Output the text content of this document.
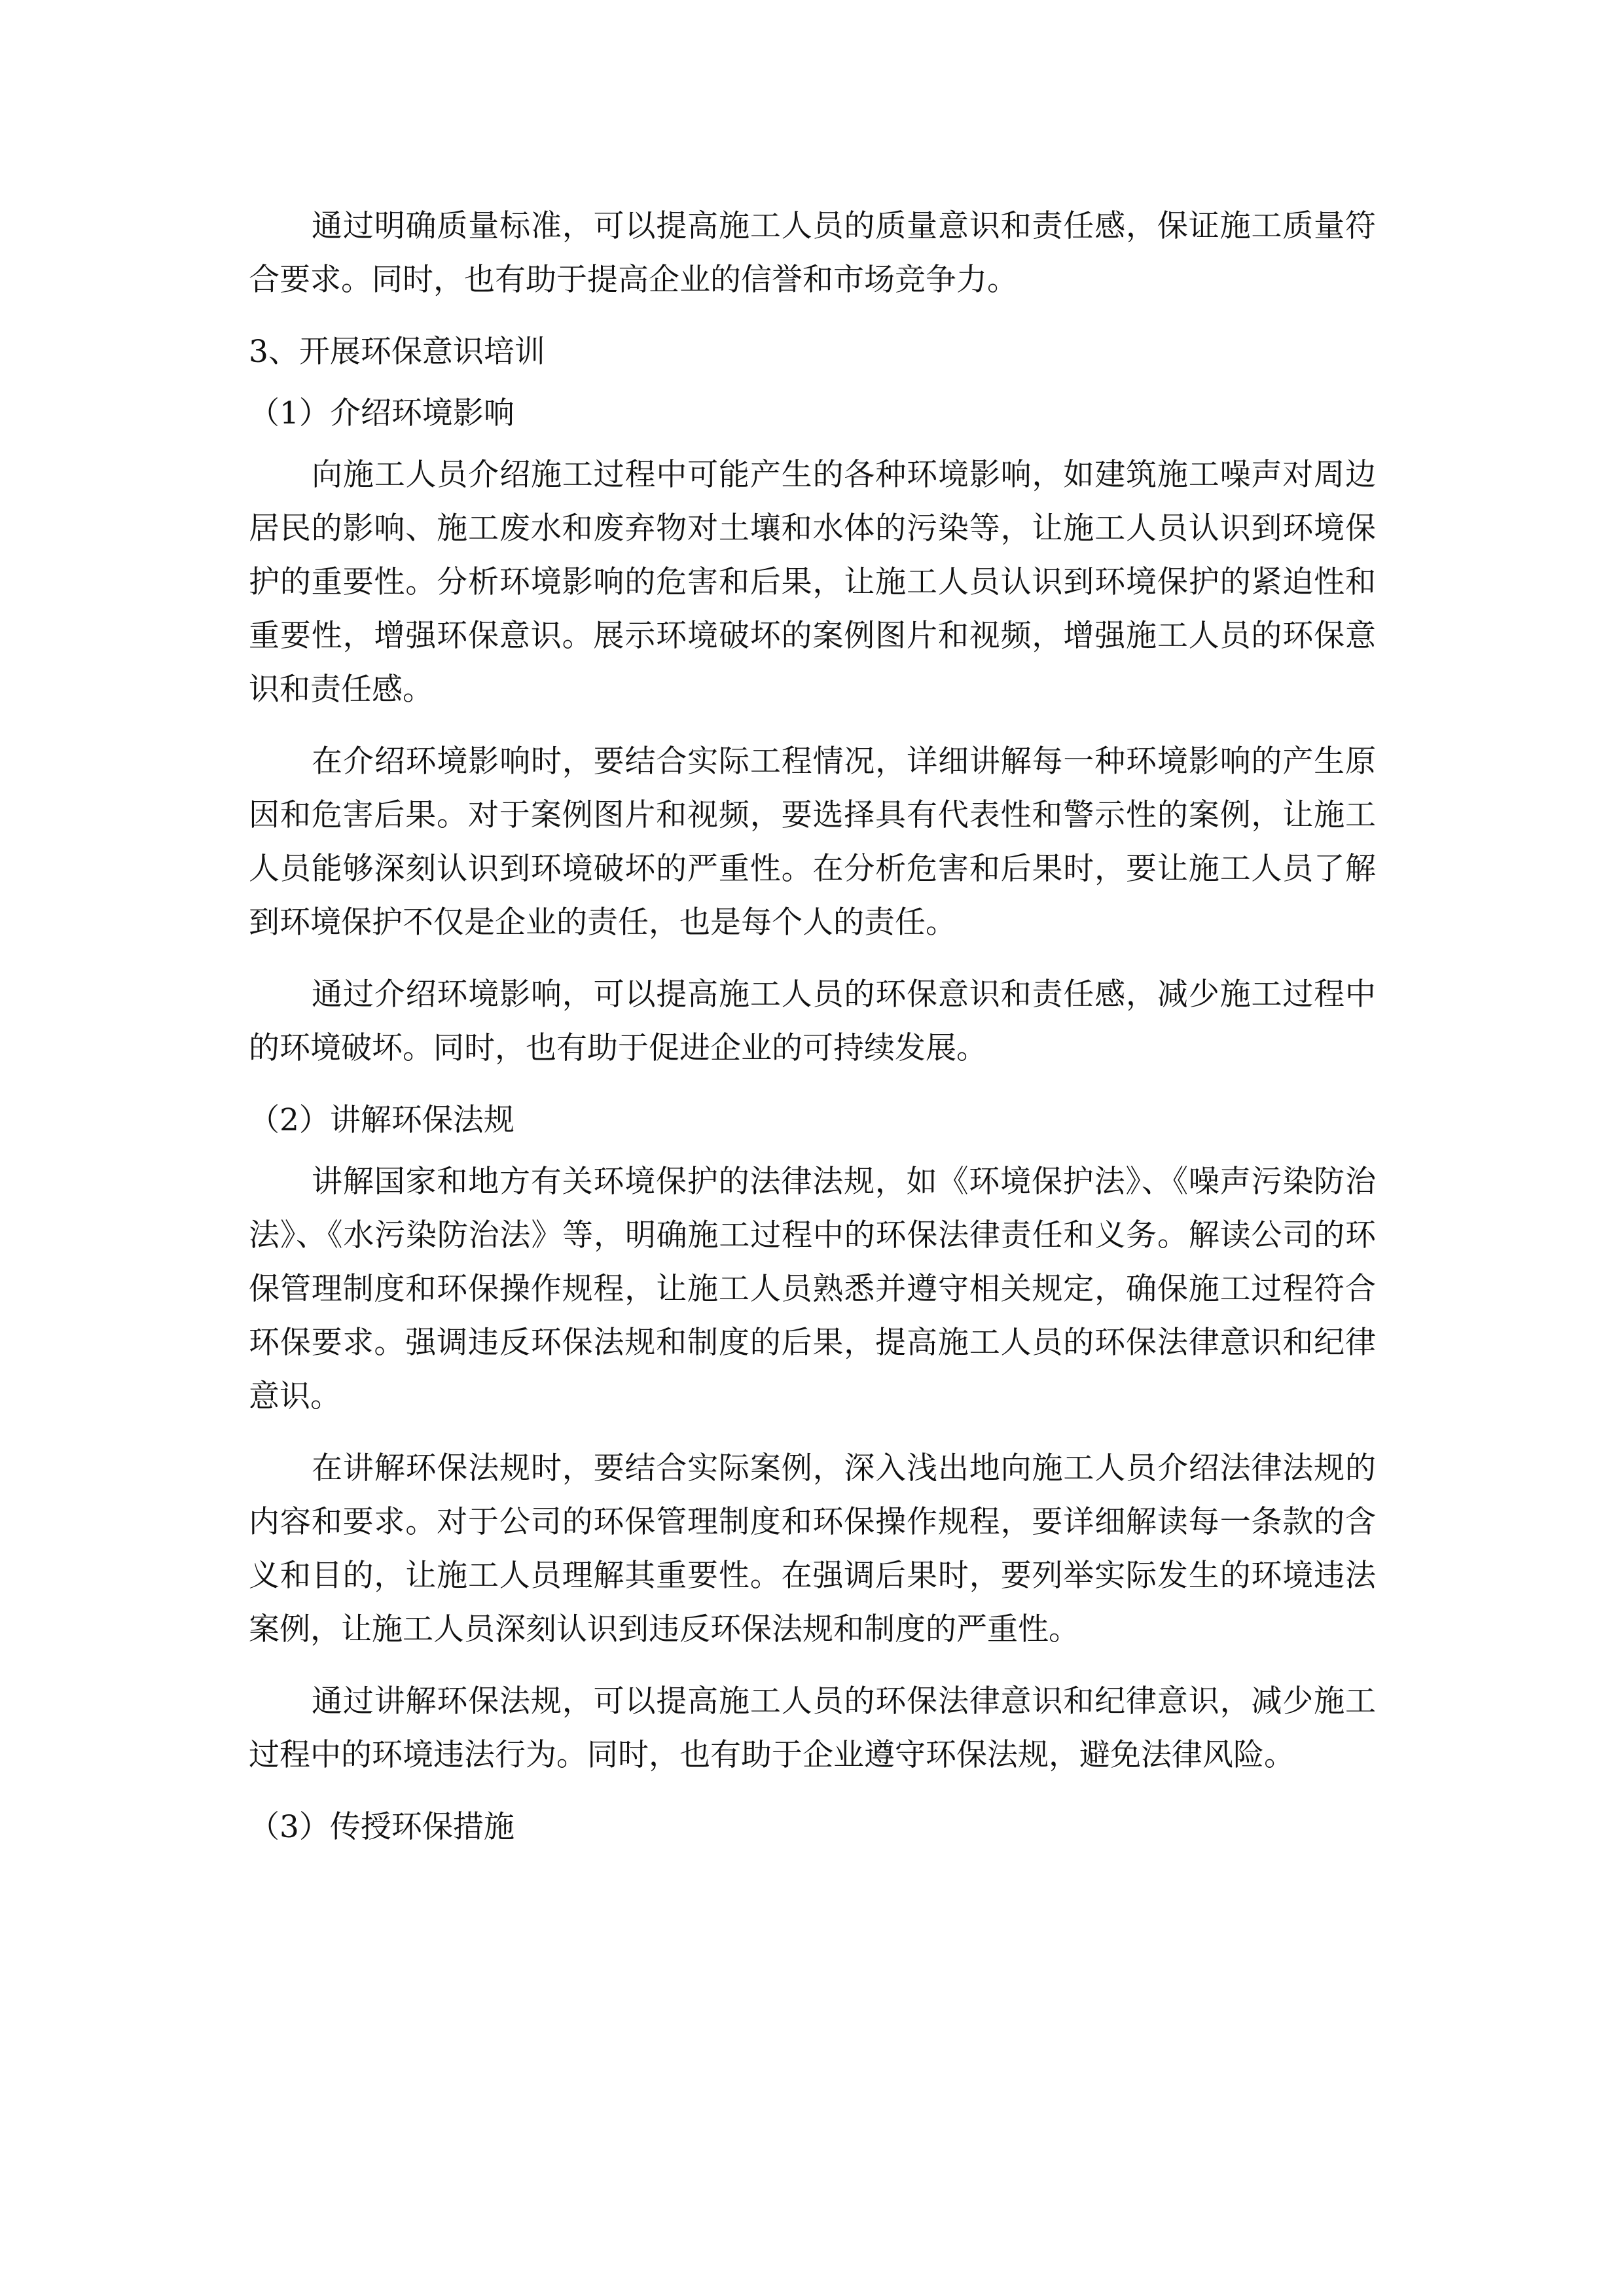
通过明确质量标准，可以提高施工人员的质量意识和责任感，保证施工质量符合要求。同时，也有助于提高企业的信誉和市场竞争力。

3、开展环保意识培训

（1）介绍环境影响

向施工人员介绍施工过程中可能产生的各种环境影响，如建筑施工噪声对周边居民的影响、施工废水和废弃物对土壤和水体的污染等，让施工人员认识到环境保护的重要性。分析环境影响的危害和后果，让施工人员认识到环境保护的紧迫性和重要性，增强环保意识。展示环境破坏的案例图片和视频，增强施工人员的环保意识和责任感。

在介绍环境影响时，要结合实际工程情况，详细讲解每一种环境影响的产生原因和危害后果。对于案例图片和视频，要选择具有代表性和警示性的案例，让施工人员能够深刻认识到环境破坏的严重性。在分析危害和后果时，要让施工人员了解到环境保护不仅是企业的责任，也是每个人的责任。

通过介绍环境影响，可以提高施工人员的环保意识和责任感，减少施工过程中的环境破坏。同时，也有助于促进企业的可持续发展。

（2）讲解环保法规

讲解国家和地方有关环境保护的法律法规，如《环境保护法》、《噪声污染防治法》、《水污染防治法》等，明确施工过程中的环保法律责任和义务。解读公司的环保管理制度和环保操作规程，让施工人员熟悉并遵守相关规定，确保施工过程符合环保要求。强调违反环保法规和制度的后果，提高施工人员的环保法律意识和纪律意识。

在讲解环保法规时，要结合实际案例，深入浅出地向施工人员介绍法律法规的内容和要求。对于公司的环保管理制度和环保操作规程，要详细解读每一条款的含义和目的，让施工人员理解其重要性。在强调后果时，要列举实际发生的环境违法案例，让施工人员深刻认识到违反环保法规和制度的严重性。

通过讲解环保法规，可以提高施工人员的环保法律意识和纪律意识，减少施工过程中的环境违法行为。同时，也有助于企业遵守环保法规，避免法律风险。

（3）传授环保措施
